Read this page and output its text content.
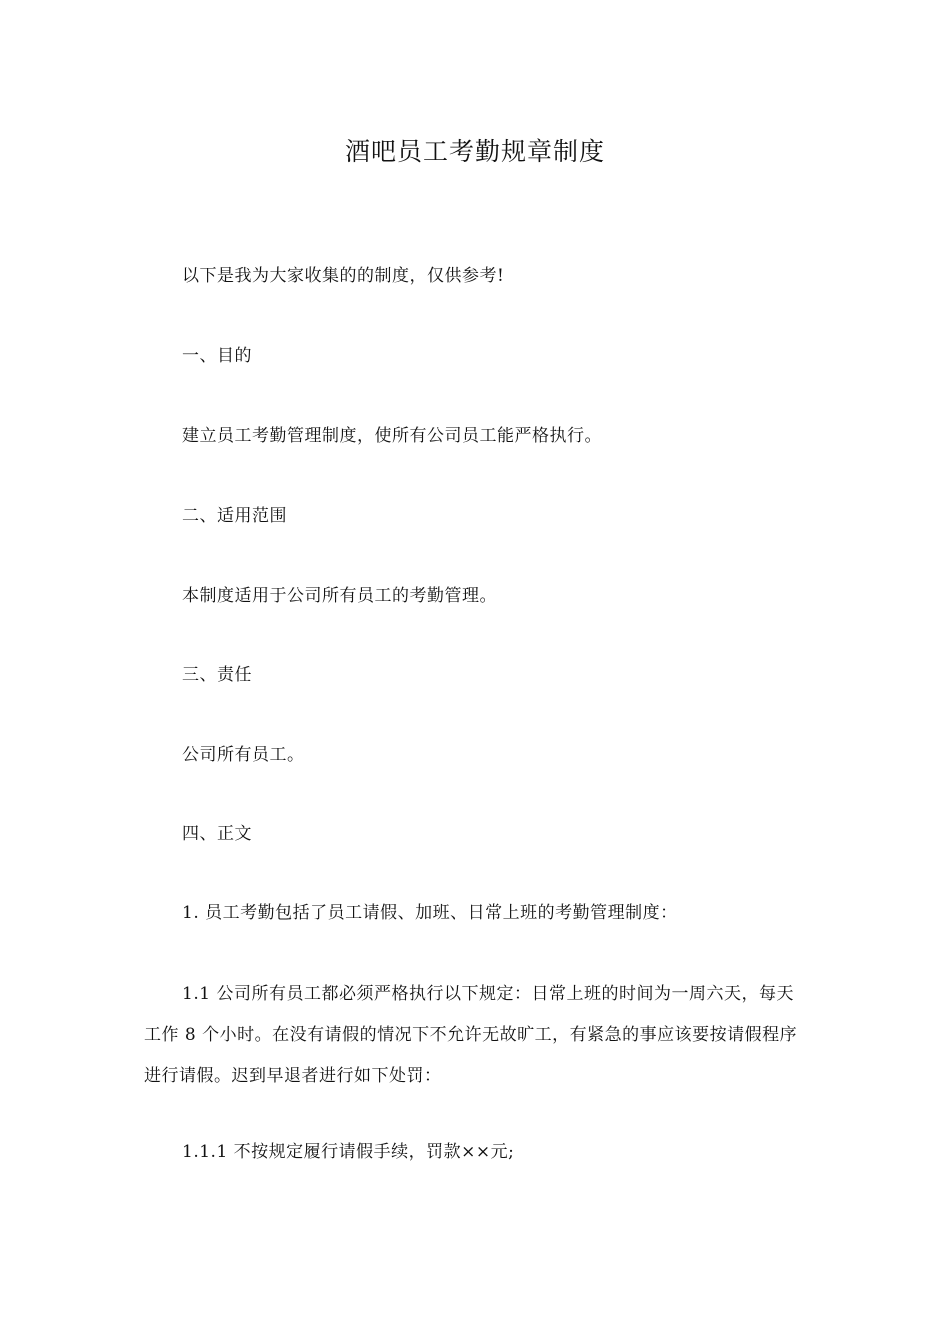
酒吧员工考勤规章制度
以下是我为大家收集的的制度，仅供参考!
一、目的
建立员工考勤管理制度，使所有公司员工能严格执行。
二、适用范围
本制度适用于公司所有员工的考勤管理。
三、责任
公司所有员工。
四、正文
1. 员工考勤包括了员工请假、加班、日常上班的考勤管理制度：
1.1 公司所有员工都必须严格执行以下规定：日常上班的时间为一周六天，每天工作 8 个小时。在没有请假的情况下不允许无故旷工，有紧急的事应该要按请假程序进行请假。迟到早退者进行如下处罚：
1.1.1 不按规定履行请假手续，罚款××元;
